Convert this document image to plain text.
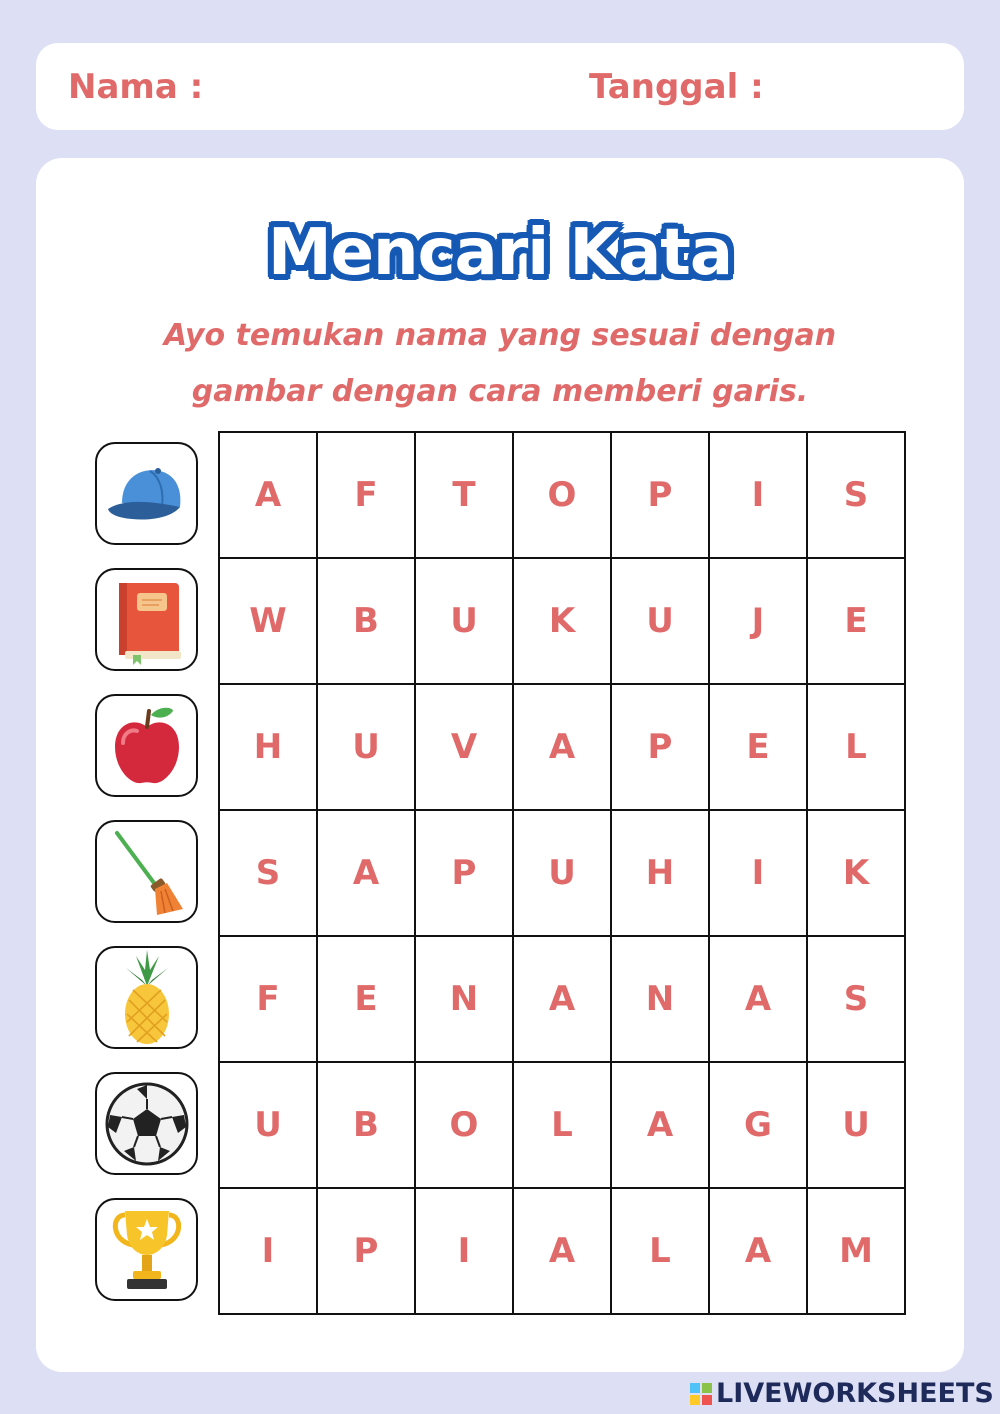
Nama :	Tanggal :
Mencari Kata
Ayo temukan nama yang sesuai dengan
gambar dengan cara memberi garis.
A	F	T	O	P	I	S
W	B	U	K	U	J	E
H	U	V	A	P	E	L
S	A	P	U	H	I	K
F	E	N	A	N	A	S
U	B	O	L	A	G	U
I	P	I	A	L	A	M
LIVEWORKSHEETS
